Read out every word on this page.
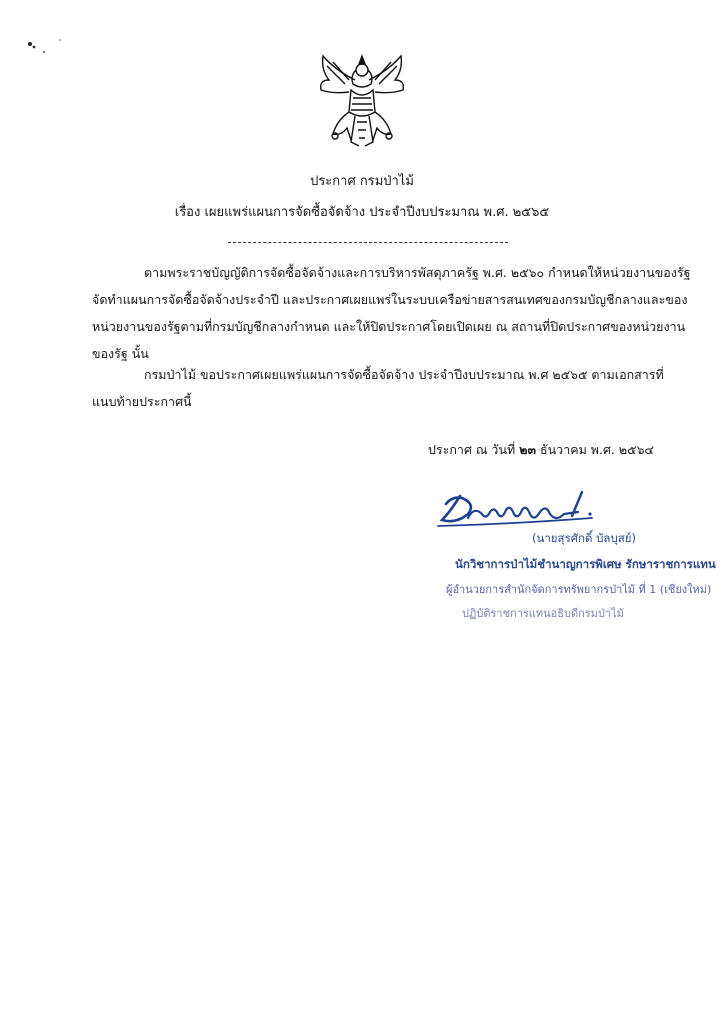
ประกาศ กรมป่าไม้
เรื่อง เผยแพร่แผนการจัดซื้อจัดจ้าง ประจำปีงบประมาณ พ.ศ. ๒๕๖๕
ตามพระราชบัญญัติการจัดซื้อจัดจ้างและการบริหารพัสดุภาครัฐ พ.ศ. ๒๕๖๐ กำหนดให้หน่วยงานของรัฐ
จัดทำแผนการจัดซื้อจัดจ้างประจำปี และประกาศเผยแพร่ในระบบเครือข่ายสารสนเทศของกรมบัญชีกลางและของ
หน่วยงานของรัฐตามที่กรมบัญชีกลางกำหนด และให้ปิดประกาศโดยเปิดเผย ณ สถานที่ปิดประกาศของหน่วยงาน
ของรัฐ นั้น
กรมป่าไม้ ขอประกาศเผยแพร่แผนการจัดซื้อจัดจ้าง ประจำปีงบประมาณ พ.ศ ๒๕๖๕ ตามเอกสารที่
แนบท้ายประกาศนี้
ประกาศ ณ วันที่ ๒๓ ธันวาคม พ.ศ. ๒๕๖๔
(นายสุรศักดิ์ บัลบุสย์)
นักวิชาการป่าไม้ชำนาญการพิเศษ รักษาราชการแทน
ผู้อำนวยการสำนักจัดการทรัพยากรป่าไม้ ที่ 1 (เชียงใหม่)
ปฏิบัติราชการแทนอธิบดีกรมป่าไม้
